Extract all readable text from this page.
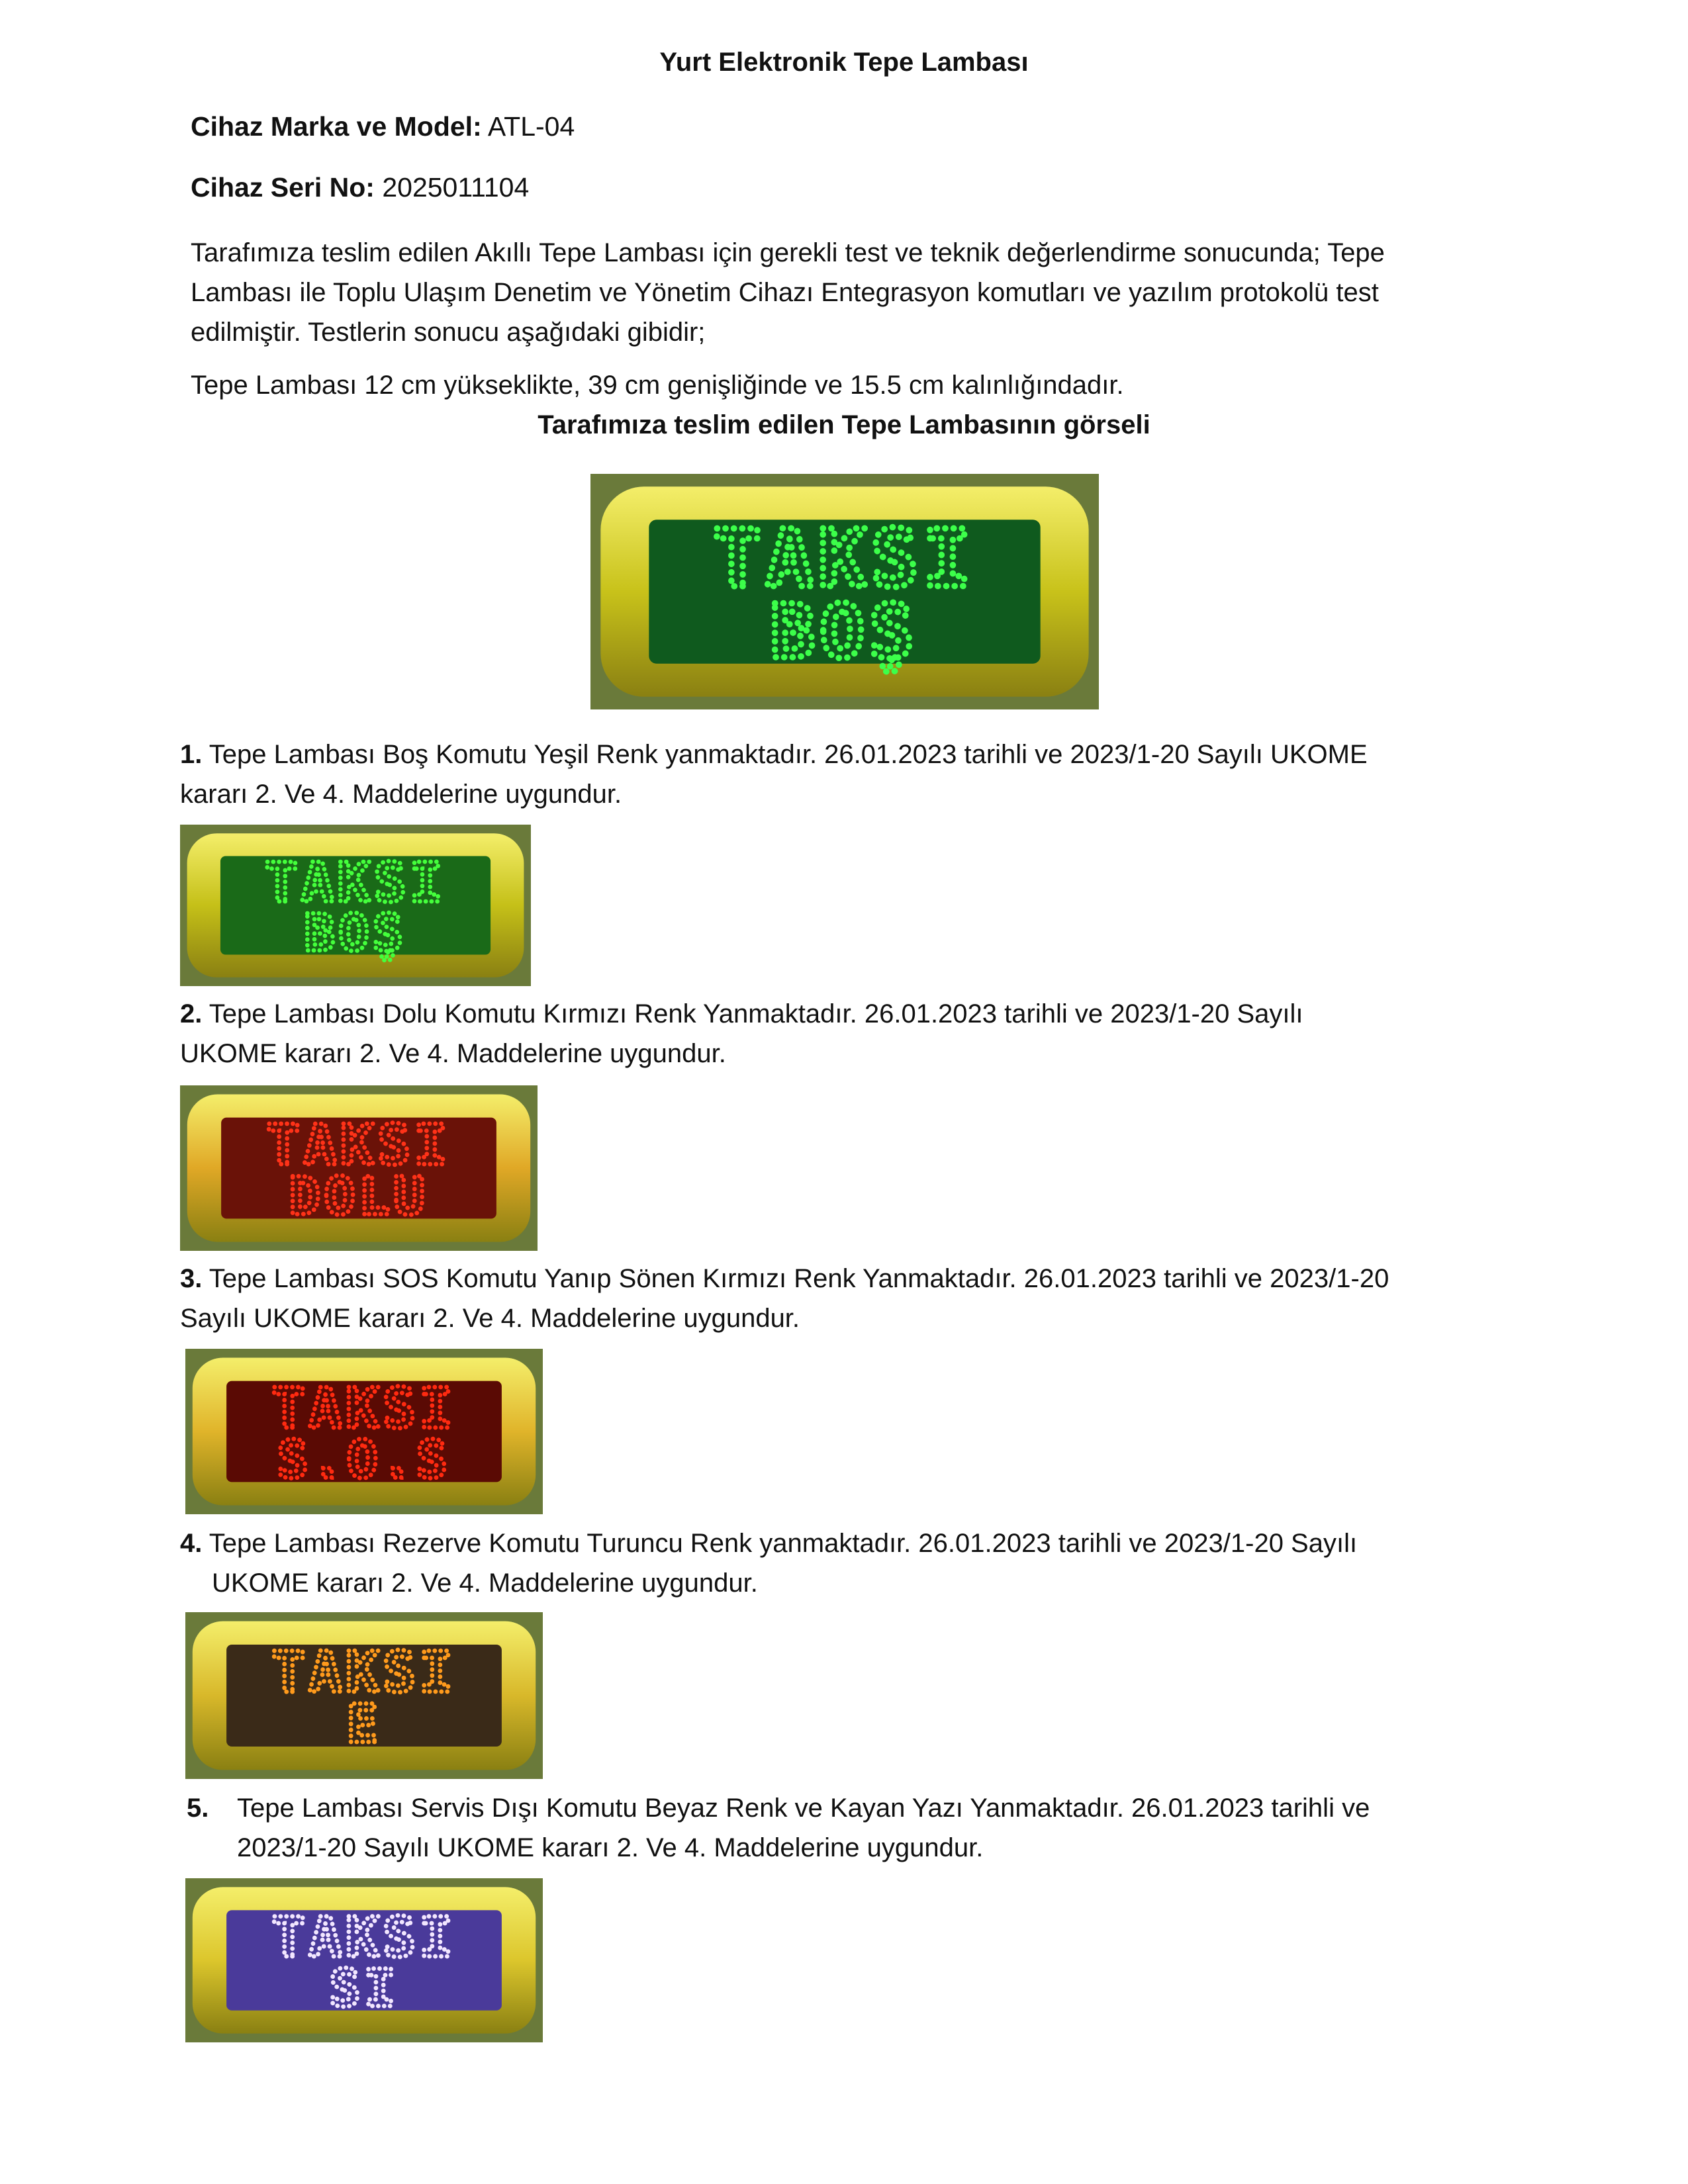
Yurt Elektronik Tepe Lambası
Cihaz Marka ve Model: ATL-04
Cihaz Seri No: 2025011104
Tarafımıza teslim edilen Akıllı Tepe Lambası için gerekli test ve teknik değerlendirme sonucunda; Tepe
Lambası ile Toplu Ulaşım Denetim ve Yönetim Cihazı Entegrasyon komutları ve yazılım protokolü test
edilmiştir. Testlerin sonucu aşağıdaki gibidir;
Tepe Lambası 12 cm yükseklikte, 39 cm genişliğinde ve 15.5 cm kalınlığındadır.
Tarafımıza teslim edilen Tepe Lambasının görseli
TAKSI
BOŞ
1. Tepe Lambası Boş Komutu Yeşil Renk yanmaktadır. 26.01.2023 tarihli ve 2023/1-20 Sayılı UKOME
kararı 2. Ve 4. Maddelerine uygundur.
TAKSI
BOŞ
2. Tepe Lambası Dolu Komutu Kırmızı Renk Yanmaktadır. 26.01.2023 tarihli ve 2023/1-20 Sayılı
UKOME kararı 2. Ve 4. Maddelerine uygundur.
TAKSI
DOLU
3. Tepe Lambası SOS Komutu Yanıp Sönen Kırmızı Renk Yanmaktadır. 26.01.2023 tarihli ve 2023/1-20
Sayılı UKOME kararı 2. Ve 4. Maddelerine uygundur.
TAKSI
S.O.S
4. Tepe Lambası Rezerve Komutu Turuncu Renk yanmaktadır. 26.01.2023 tarihli ve 2023/1-20 Sayılı
UKOME kararı 2. Ve 4. Maddelerine uygundur.
TAKSI
E
5. Tepe Lambası Servis Dışı Komutu Beyaz Renk ve Kayan Yazı Yanmaktadır. 26.01.2023 tarihli ve
2023/1-20 Sayılı UKOME kararı 2. Ve 4. Maddelerine uygundur.
TAKSI
SI
